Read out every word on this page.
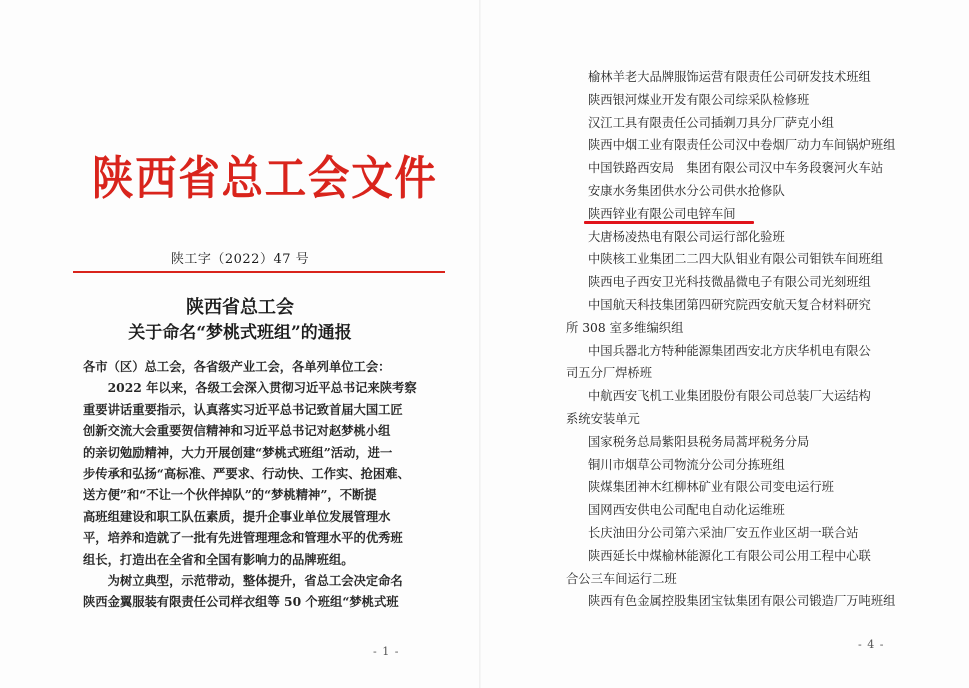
陕西省总工会文件
陕工字（2022）47 号
陕西省总工会
关于命名“梦桃式班组”的通报
各市（区）总工会，各省级产业工会，各单列单位工会：
　　2022 年以来，各级工会深入贯彻习近平总书记来陕考察
重要讲话重要指示，认真落实习近平总书记致首届大国工匠
创新交流大会重要贺信精神和习近平总书记对赵梦桃小组
的亲切勉励精神，大力开展创建“梦桃式班组”活动，进一
步传承和弘扬“高标准、严要求、行动快、工作实、抢困难、
送方便”和“不让一个伙伴掉队”的“梦桃精神”，不断提
高班组建设和职工队伍素质，提升企事业单位发展管理水
平，培养和造就了一批有先进管理理念和管理水平的优秀班
组长，打造出在全省和全国有影响力的品牌班组。
　　为树立典型，示范带动，整体提升，省总工会决定命名
陕西金翼服装有限责任公司样衣组等 50 个班组“梦桃式班
- 1 -
榆林羊老大品牌服饰运营有限责任公司研发技术班组
陕西银河煤业开发有限公司综采队检修班
汉江工具有限责任公司插剃刀具分厂萨克小组
陕西中烟工业有限责任公司汉中卷烟厂动力车间锅炉班组
中国铁路西安局　集团有限公司汉中车务段褒河火车站
安康水务集团供水分公司供水抢修队
陕西锌业有限公司电锌车间
大唐杨凌热电有限公司运行部化验班
中陕核工业集团二二四大队钼业有限公司钼铁车间班组
陕西电子西安卫光科技微晶微电子有限公司光刻班组
中国航天科技集团第四研究院西安航天复合材料研究
所 308 室多维编织组
中国兵器北方特种能源集团西安北方庆华机电有限公
司五分厂焊桥班
中航西安飞机工业集团股份有限公司总装厂大运结构
系统安装单元
国家税务总局紫阳县税务局蒿坪税务分局
铜川市烟草公司物流分公司分拣班组
陕煤集团神木红柳林矿业有限公司变电运行班
国网西安供电公司配电自动化运维班
长庆油田分公司第六采油厂安五作业区胡一联合站
陕西延长中煤榆林能源化工有限公司公用工程中心联
合公三车间运行二班
陕西有色金属控股集团宝钛集团有限公司锻造厂万吨班组
- 4 -
